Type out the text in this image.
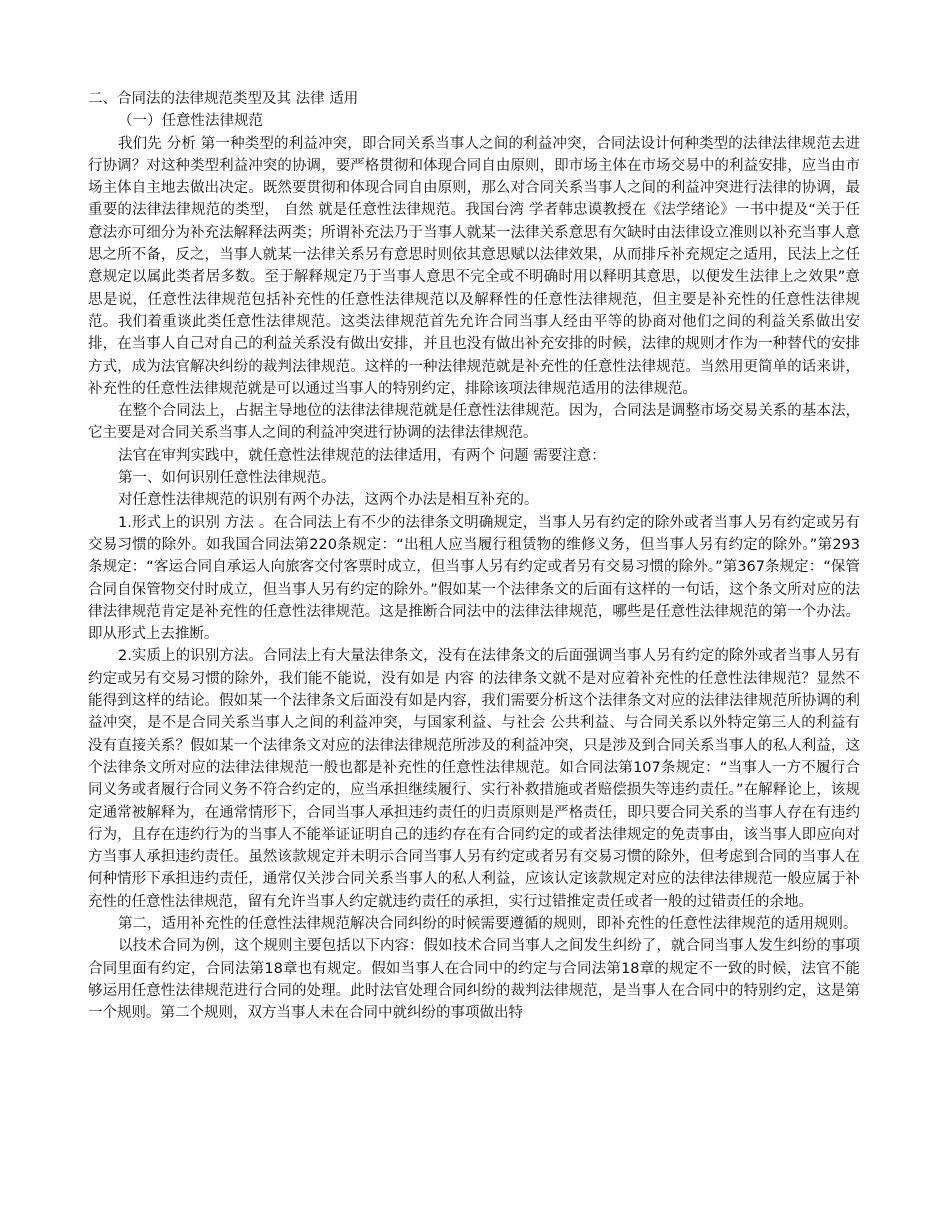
二、合同法的法律规范类型及其 法律 适用

（一）任意性法律规范

我们先 分析 第一种类型的利益冲突，即合同关系当事人之间的利益冲突，合同法设计何种类型的法律法律规范去进行协调？对这种类型利益冲突的协调，要严格贯彻和体现合同自由原则，即市场主体在市场交易中的利益安排，应当由市场主体自主地去做出决定。既然要贯彻和体现合同自由原则，那么对合同关系当事人之间的利益冲突进行法律的协调，最重要的法律法律规范的类型， 自然 就是任意性法律规范。我国台湾 学者韩忠谟教授在《法学绪论》一书中提及“关于任意法亦可细分为补充法解释法两类；所谓补充法乃于当事人就某一法律关系意思有欠缺时由法律设立准则以补充当事人意思之所不备，反之，当事人就某一法律关系另有意思时则依其意思赋以法律效果，从而排斥补充规定之适用，民法上之任意规定以属此类者居多数。至于解释规定乃于当事人意思不完全或不明确时用以释明其意思，以便发生法律上之效果”意思是说，任意性法律规范包括补充性的任意性法律规范以及解释性的任意性法律规范，但主要是补充性的任意性法律规范。我们着重谈此类任意性法律规范。这类法律规范首先允许合同当事人经由平等的协商对他们之间的利益关系做出安排，在当事人自己对自己的利益关系没有做出安排，并且也没有做出补充安排的时候，法律的规则才作为一种替代的安排方式，成为法官解决纠纷的裁判法律规范。这样的一种法律规范就是补充性的任意性法律规范。当然用更简单的话来讲，补充性的任意性法律规范就是可以通过当事人的特别约定，排除该项法律规范适用的法律规范。

在整个合同法上，占据主导地位的法律法律规范就是任意性法律规范。因为，合同法是调整市场交易关系的基本法，它主要是对合同关系当事人之间的利益冲突进行协调的法律法律规范。

法官在审判实践中，就任意性法律规范的法律适用，有两个 问题 需要注意：

第一、如何识别任意性法律规范。

对任意性法律规范的识别有两个办法，这两个办法是相互补充的。

1.形式上的识别 方法 。在合同法上有不少的法律条文明确规定，当事人另有约定的除外或者当事人另有约定或另有交易习惯的除外。如我国合同法第220条规定：“出租人应当履行租赁物的维修义务，但当事人另有约定的除外。”第293条规定：“客运合同自承运人向旅客交付客票时成立，但当事人另有约定或者另有交易习惯的除外。”第367条规定：“保管合同自保管物交付时成立，但当事人另有约定的除外。”假如某一个法律条文的后面有这样的一句话，这个条文所对应的法律法律规范肯定是补充性的任意性法律规范。这是推断合同法中的法律法律规范，哪些是任意性法律规范的第一个办法。即从形式上去推断。

2.实质上的识别方法。合同法上有大量法律条文，没有在法律条文的后面强调当事人另有约定的除外或者当事人另有约定或另有交易习惯的除外，我们能不能说，没有如是 内容 的法律条文就不是对应着补充性的任意性法律规范？显然不能得到这样的结论。假如某一个法律条文后面没有如是内容，我们需要分析这个法律条文对应的法律法律规范所协调的利益冲突，是不是合同关系当事人之间的利益冲突，与国家利益、与社会 公共利益、与合同关系以外特定第三人的利益有没有直接关系？假如某一个法律条文对应的法律法律规范所涉及的利益冲突，只是涉及到合同关系当事人的私人利益，这个法律条文所对应的法律法律规范一般也都是补充性的任意性法律规范。如合同法第107条规定：“当事人一方不履行合同义务或者履行合同义务不符合约定的，应当承担继续履行、实行补救措施或者赔偿损失等违约责任。”在解释论上，该规定通常被解释为，在通常情形下，合同当事人承担违约责任的归责原则是严格责任，即只要合同关系的当事人存在有违约行为，且存在违约行为的当事人不能举证证明自己的违约存在有合同约定的或者法律规定的免责事由，该当事人即应向对方当事人承担违约责任。虽然该款规定并未明示合同当事人另有约定或者另有交易习惯的除外，但考虑到合同的当事人在何种情形下承担违约责任，通常仅关涉合同关系当事人的私人利益，应该认定该款规定对应的法律法律规范一般应属于补充性的任意性法律规范，留有允许当事人约定就违约责任的承担，实行过错推定责任或者一般的过错责任的余地。

第二，适用补充性的任意性法律规范解决合同纠纷的时候需要遵循的规则，即补充性的任意性法律规范的适用规则。

以技术合同为例，这个规则主要包括以下内容：假如技术合同当事人之间发生纠纷了，就合同当事人发生纠纷的事项合同里面有约定，合同法第18章也有规定。假如当事人在合同中的约定与合同法第18章的规定不一致的时候，法官不能够运用任意性法律规范进行合同的处理。此时法官处理合同纠纷的裁判法律规范，是当事人在合同中的特别约定，这是第一个规则。第二个规则，双方当事人未在合同中就纠纷的事项做出特
